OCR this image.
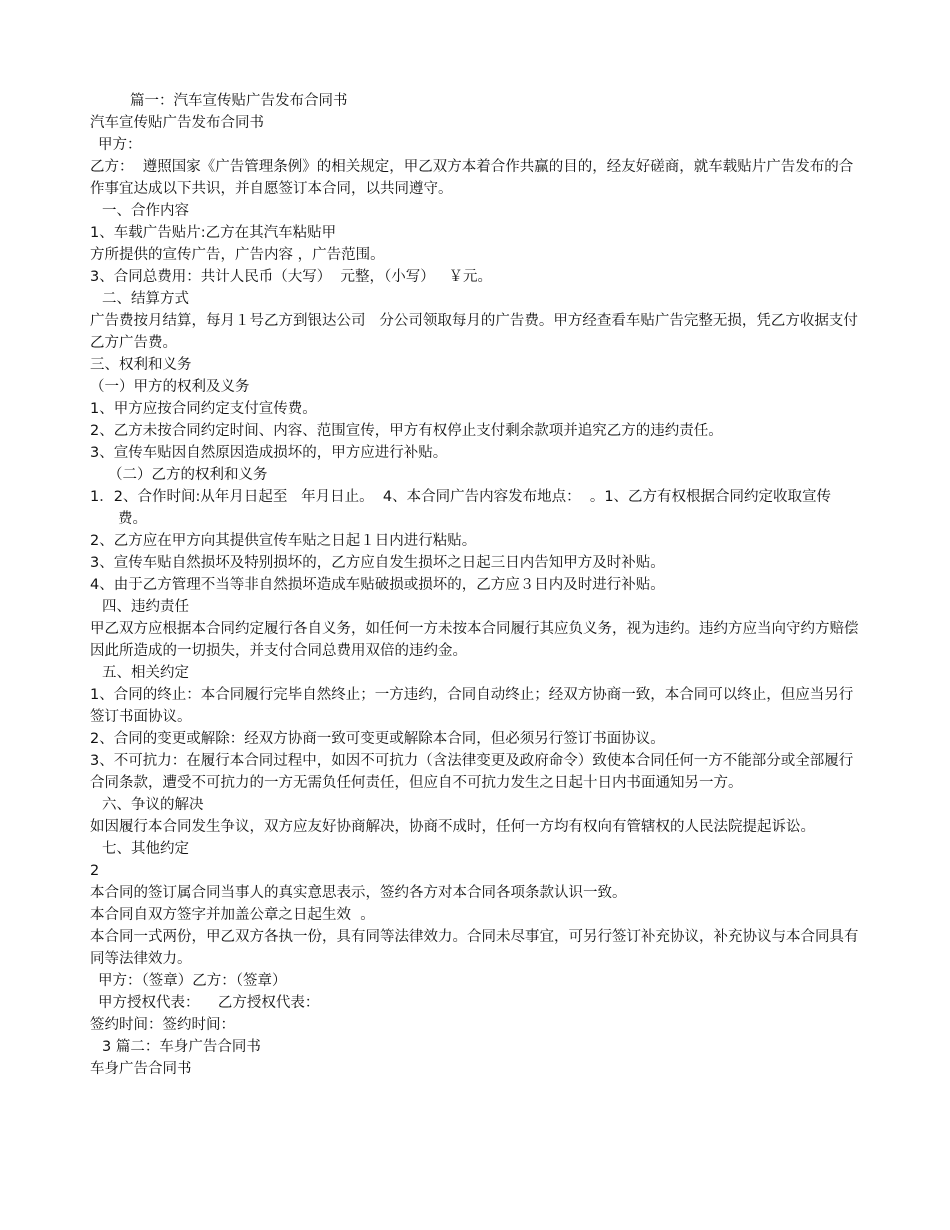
篇一：汽车宣传贴广告发布合同书

汽车宣传贴广告发布合同书

甲方：

乙方：  遵照国家《广告管理条例》的相关规定，甲乙双方本着合作共赢的目的，经友好磋商，就车载贴片广告发布的合作事宜达成以下共识，并自愿签订本合同，以共同遵守。

一、合作内容

1、车载广告贴片:乙方在其汽车粘贴甲

方所提供的宣传广告，广告内容 ，广告范围。

3、合同总费用：共计人民币（大写）  元整，（小写）   ￥元。

二、结算方式

广告费按月结算，每月１号乙方到银达公司   分公司领取每月的广告费。甲方经查看车贴广告完整无损，凭乙方收据支付乙方广告费。

三、权利和义务

（一）甲方的权利及义务

1、甲方应按合同约定支付宣传费。

2、乙方未按合同约定时间、内容、范围宣传，甲方有权停止支付剩余款项并追究乙方的违约责任。

3、宣传车贴因自然原因造成损坏的，甲方应进行补贴。

（二）乙方的权利和义务

1．2、合作时间:从年月日起至   年月日止。  4、本合同广告内容发布地点：  。1、乙方有权根据合同约定收取宣传费。

2、乙方应在甲方向其提供宣传车贴之日起１日内进行粘贴。

3、宣传车贴自然损坏及特别损坏的，乙方应自发生损坏之日起三日内告知甲方及时补贴。

4、由于乙方管理不当等非自然损坏造成车贴破损或损坏的，乙方应３日内及时进行补贴。

四、违约责任

甲乙双方应根据本合同约定履行各自义务，如任何一方未按本合同履行其应负义务，视为违约。违约方应当向守约方赔偿因此所造成的一切损失，并支付合同总费用双倍的违约金。

五、相关约定

1、合同的终止：本合同履行完毕自然终止；一方违约，合同自动终止；经双方协商一致，本合同可以终止，但应当另行签订书面协议。

2、合同的变更或解除：经双方协商一致可变更或解除本合同，但必须另行签订书面协议。

3、不可抗力：在履行本合同过程中，如因不可抗力（含法律变更及政府命令）致使本合同任何一方不能部分或全部履行合同条款，遭受不可抗力的一方无需负任何责任，但应自不可抗力发生之日起十日内书面通知另一方。

六、争议的解决

如因履行本合同发生争议，双方应友好协商解决，协商不成时，任何一方均有权向有管辖权的人民法院提起诉讼。

七、其他约定

2

本合同的签订属合同当事人的真实意思表示，签约各方对本合同各项条款认识一致。

本合同自双方签字并加盖公章之日起生效  。

本合同一式两份，甲乙双方各执一份，具有同等法律效力。合同未尽事宜，可另行签订补充协议，补充协议与本合同具有同等法律效力。

甲方：（签章）乙方：（签章）

甲方授权代表：    乙方授权代表：

签约时间：签约时间：

3 篇二：车身广告合同书

车身广告合同书
